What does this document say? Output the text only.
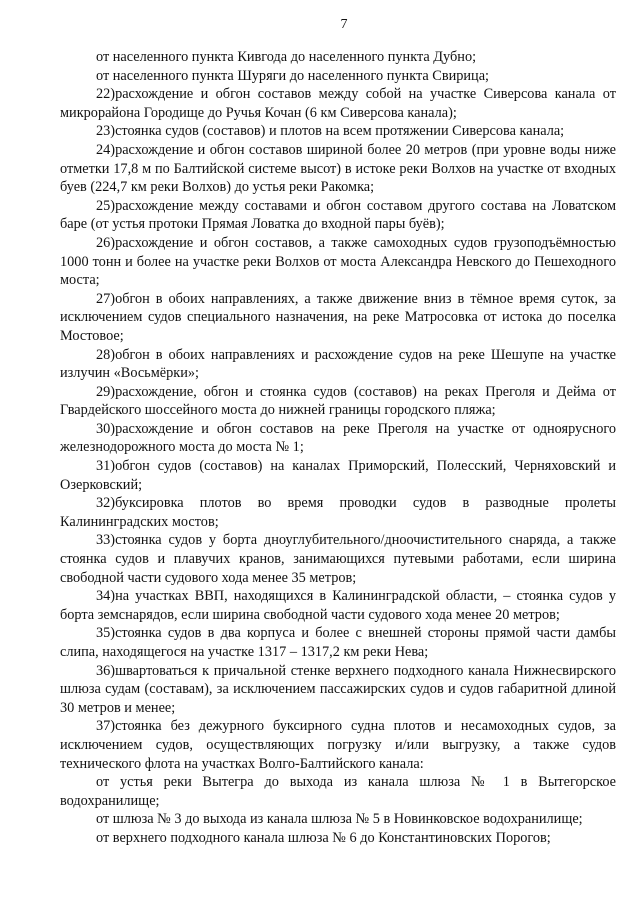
7

от населенного пункта Кивгода до населенного пункта Дубно;

от населенного пункта Шуряги до населенного пункта Свирица;

22)расхождение и обгон составов между собой на участке Сиверсова канала от микрорайона Городище до Ручья Кочан (6 км Сиверсова канала);

23)стоянка судов (составов) и плотов на всем протяжении Сиверсова канала;

24)расхождение и обгон составов шириной более 20 метров (при уровне воды ниже отметки 17,8 м по Балтийской системе высот) в истоке реки Волхов на участке от входных буев (224,7 км реки Волхов) до устья реки Ракомка;

25)расхождение между составами и обгон составом другого состава на Ловатском баре (от устья протоки Прямая Ловатка до входной пары буёв);

26)расхождение и обгон составов, а также самоходных судов грузоподъёмностью 1000 тонн и более на участке реки Волхов от моста Александра Невского до Пешеходного моста;

27)обгон в обоих направлениях, а также движение вниз в тёмное время суток, за исключением судов специального назначения, на реке Матросовка от истока до поселка Мостовое;

28)обгон в обоих направлениях и расхождение судов на реке Шешупе на участке излучин «Восьмёрки»;

29)расхождение, обгон и стоянка судов (составов) на реках Преголя и Дейма от Гвардейского шоссейного моста до нижней границы городского пляжа;

30)расхождение и обгон составов на реке Преголя на участке от одноярусного железнодорожного моста до моста № 1;

31)обгон судов (составов) на каналах Приморский, Полесский, Черняховский и Озерковский;

32)буксировка плотов во время проводки судов в разводные пролеты Калининградских мостов;

33)стоянка судов у борта дноуглубительного/дноочистительного снаряда, а также стоянка судов и плавучих кранов, занимающихся путевыми работами, если ширина свободной части судового хода менее 35 метров;

34)на участках ВВП, находящихся в Калининградской области, – стоянка судов у борта земснарядов, если ширина свободной части судового хода менее 20 метров;

35)стоянка судов в два корпуса и более с внешней стороны прямой части дамбы слипа, находящегося на участке 1317 – 1317,2 км реки Нева;

36)швартоваться к причальной стенке верхнего подходного канала Нижнесвирского шлюза судам (составам), за исключением пассажирских судов и судов габаритной длиной 30 метров и менее;

37)стоянка без дежурного буксирного судна плотов и несамоходных судов, за исключением судов, осуществляющих погрузку и/или выгрузку, а также судов технического флота на участках Волго-Балтийского канала:

от устья реки Вытегра до выхода из канала шлюза № 1 в Вытегорское водохранилище;

от шлюза № 3 до выхода из канала шлюза № 5 в Новинковское водохранилище;

от верхнего подходного канала шлюза № 6 до Константиновских Порогов;
